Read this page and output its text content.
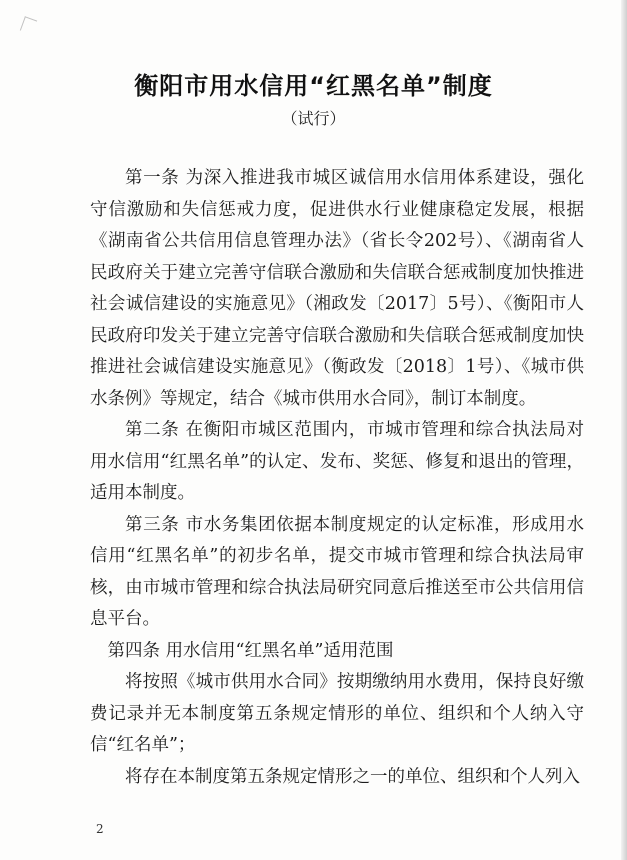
衡阳市用水信用“红黑名单”制度
（试行）

第一条 为深入推进我市城区诚信用水信用体系建设，强化守信激励和失信惩戒力度，促进供水行业健康稳定发展，根据《湖南省公共信用信息管理办法》（省长令202号）、《湖南省人民政府关于建立完善守信联合激励和失信联合惩戒制度加快推进社会诚信建设的实施意见》（湘政发〔2017〕5号）、《衡阳市人民政府印发关于建立完善守信联合激励和失信联合惩戒制度加快推进社会诚信建设实施意见》（衡政发〔2018〕1号）、《城市供水条例》等规定，结合《城市供用水合同》，制订本制度。

第二条 在衡阳市城区范围内，市城市管理和综合执法局对用水信用“红黑名单”的认定、发布、奖惩、修复和退出的管理，适用本制度。

第三条 市水务集团依据本制度规定的认定标准，形成用水信用“红黑名单”的初步名单，提交市城市管理和综合执法局审核，由市城市管理和综合执法局研究同意后推送至市公共信用信息平台。

第四条 用水信用“红黑名单”适用范围

将按照《城市供用水合同》按期缴纳用水费用，保持良好缴费记录并无本制度第五条规定情形的单位、组织和个人纳入守信“红名单”；

将存在本制度第五条规定情形之一的单位、组织和个人列入

2
